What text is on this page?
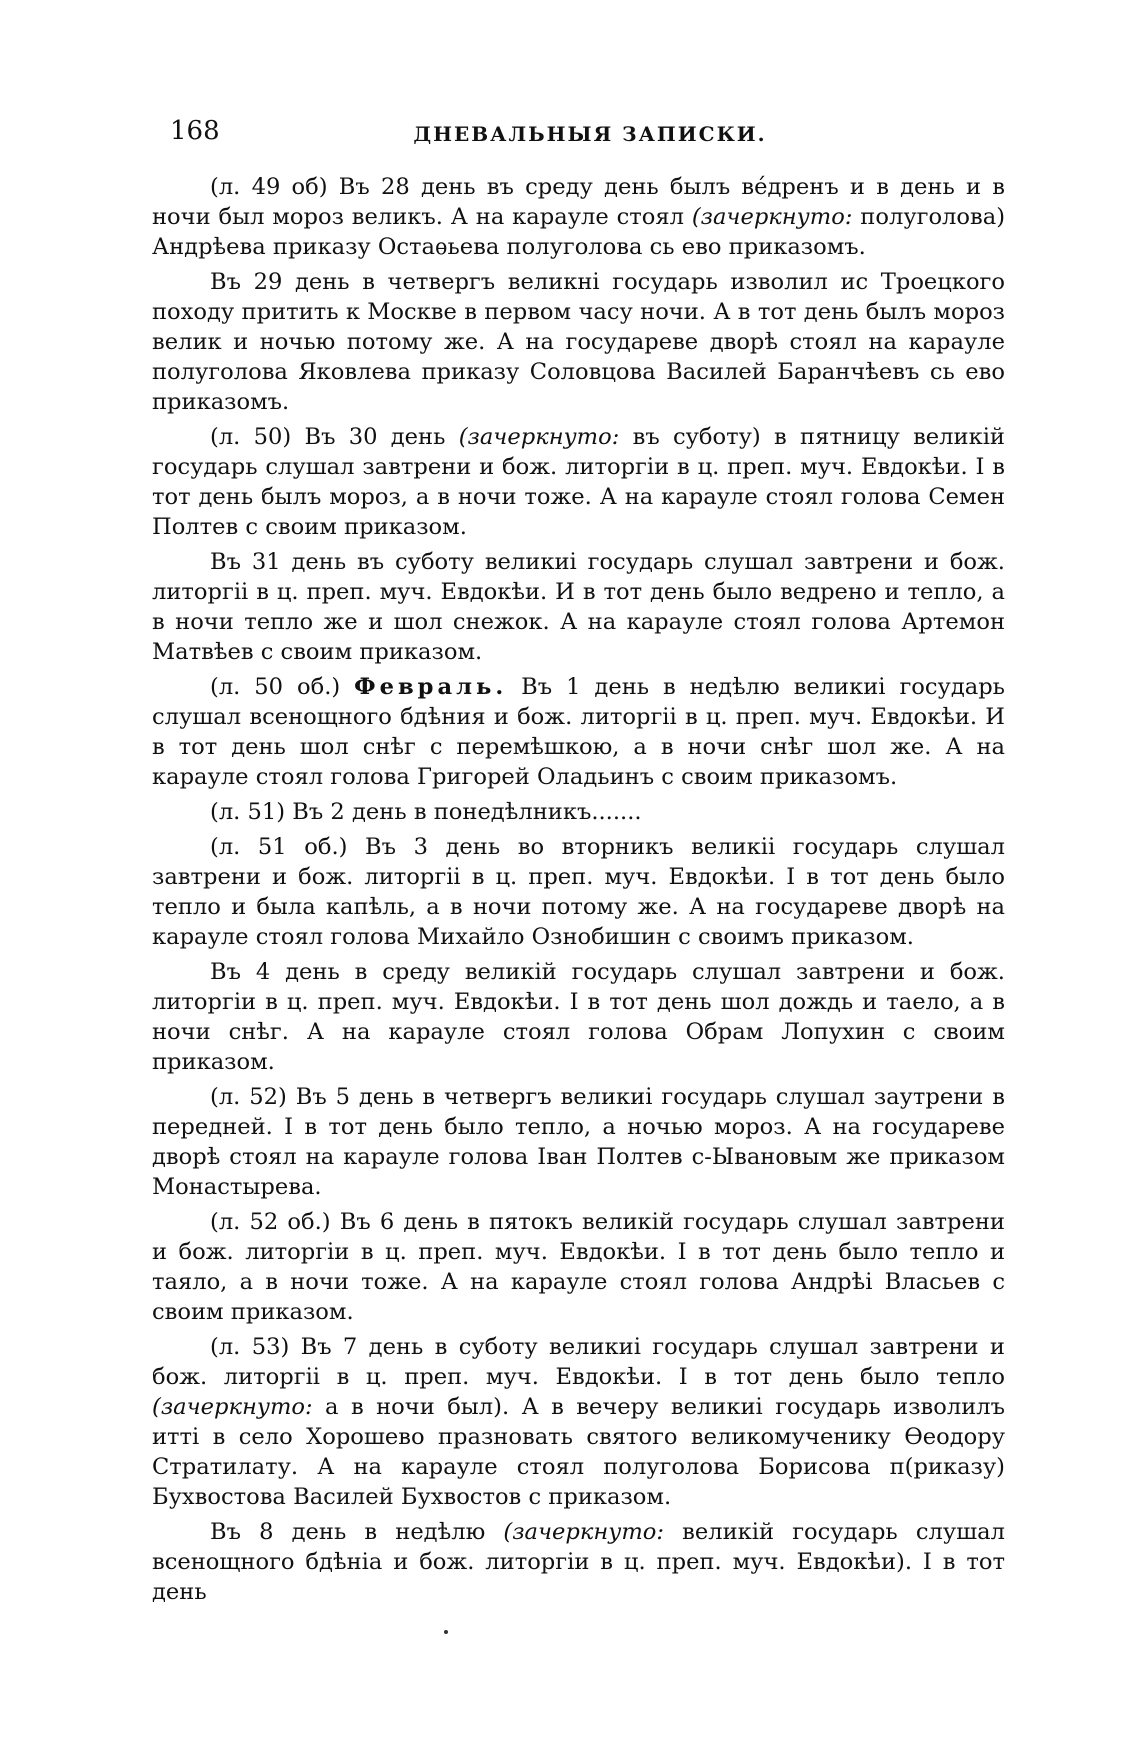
168	ДНЕВАЛЬНЫЯ ЗАПИСКИ.

(л. 49 об) Въ 28 день въ среду день былъ ве́дренъ и в день и в ночи был мороз великъ. А на карауле стоял (зачеркнуто: полуголова) Андрѣева приказу Остаѳьева полуголова сь ево приказомъ.

Въ 29 день в четвергъ великні государь изволил ис Троецкого походу притить к Москве в первом часу ночи. А в тот день былъ мороз велик и ночью потому же. А на государеве дворѣ стоял на карауле полуголова Яковлева приказу Соловцова Василей Баранчѣевъ сь ево приказомъ.

(л. 50) Въ 30 день (зачеркнуто: въ суботу) в пятницу великій государь слушал завтрени и бож. литоргіи в ц. преп. муч. Евдокѣи. I в тот день былъ мороз, а в ночи тоже. А на карауле стоял голова Семен Полтев с своим приказом.

Въ 31 день въ суботу великиі государь слушал завтрени и бож. литоргіі в ц. преп. муч. Евдокѣи. И в тот день было ведрено и тепло, а в ночи тепло же и шол снежок. А на карауле стоял голова Артемон Матвѣев с своим приказом.

(л. 50 об.) Февраль. Въ 1 день в недѣлю великиі государь слушал всенощного бдѣния и бож. литоргіі в ц. преп. муч. Евдокѣи. И в тот день шол снѣг с перемѣшкою, а в ночи снѣг шол же. А на карауле стоял голова Григорей Оладьинъ с своим приказомъ.

(л. 51) Въ 2 день в понедѣлникъ.......

(л. 51 об.) Въ 3 день во вторникъ великіі государь слушал завтрени и бож. литоргіі в ц. преп. муч. Евдокѣи. I в тот день было тепло и была капѣль, а в ночи потому же. А на государеве дворѣ на карауле стоял голова Михайло Ознобишин с своимъ приказом.

Въ 4 день в среду великій государь слушал завтрени и бож. литоргіи в ц. преп. муч. Евдокѣи. I в тот день шол дождь и таело, а в ночи снѣг. А на карауле стоял голова Обрам Лопухин с своим приказом.

(л. 52) Въ 5 день в четвергъ великиі государь слушал заутрени в передней. I в тот день было тепло, а ночью мороз. А на государеве дворѣ стоял на карауле голова Іван Полтев с-Ывановым же приказом Монастырева.

(л. 52 об.) Въ 6 день в пятокъ великій государь слушал завтрени и бож. литоргіи в ц. преп. муч. Евдокѣи. I в тот день было тепло и таяло, а в ночи тоже. А на карауле стоял голова Андрѣі Власьев с своим приказом.

(л. 53) Въ 7 день в суботу великиі государь слушал завтрени и бож. литоргіі в ц. преп. муч. Евдокѣи. I в тот день было тепло (зачеркнуто: а в ночи был). А в вечеру великиі государь изволилъ иттi в село Хорошево празновать святого великомученику Ѳеодору Стратилату. А на карауле стоял полуголова Борисова п(риказу) Бухвостова Василей Бухвостов с приказом.

Въ 8 день в недѣлю (зачеркнуто: великій государь слушал всенощного бдѣніа и бож. литоргіи в ц. преп. муч. Евдокѣи). I в тот день
